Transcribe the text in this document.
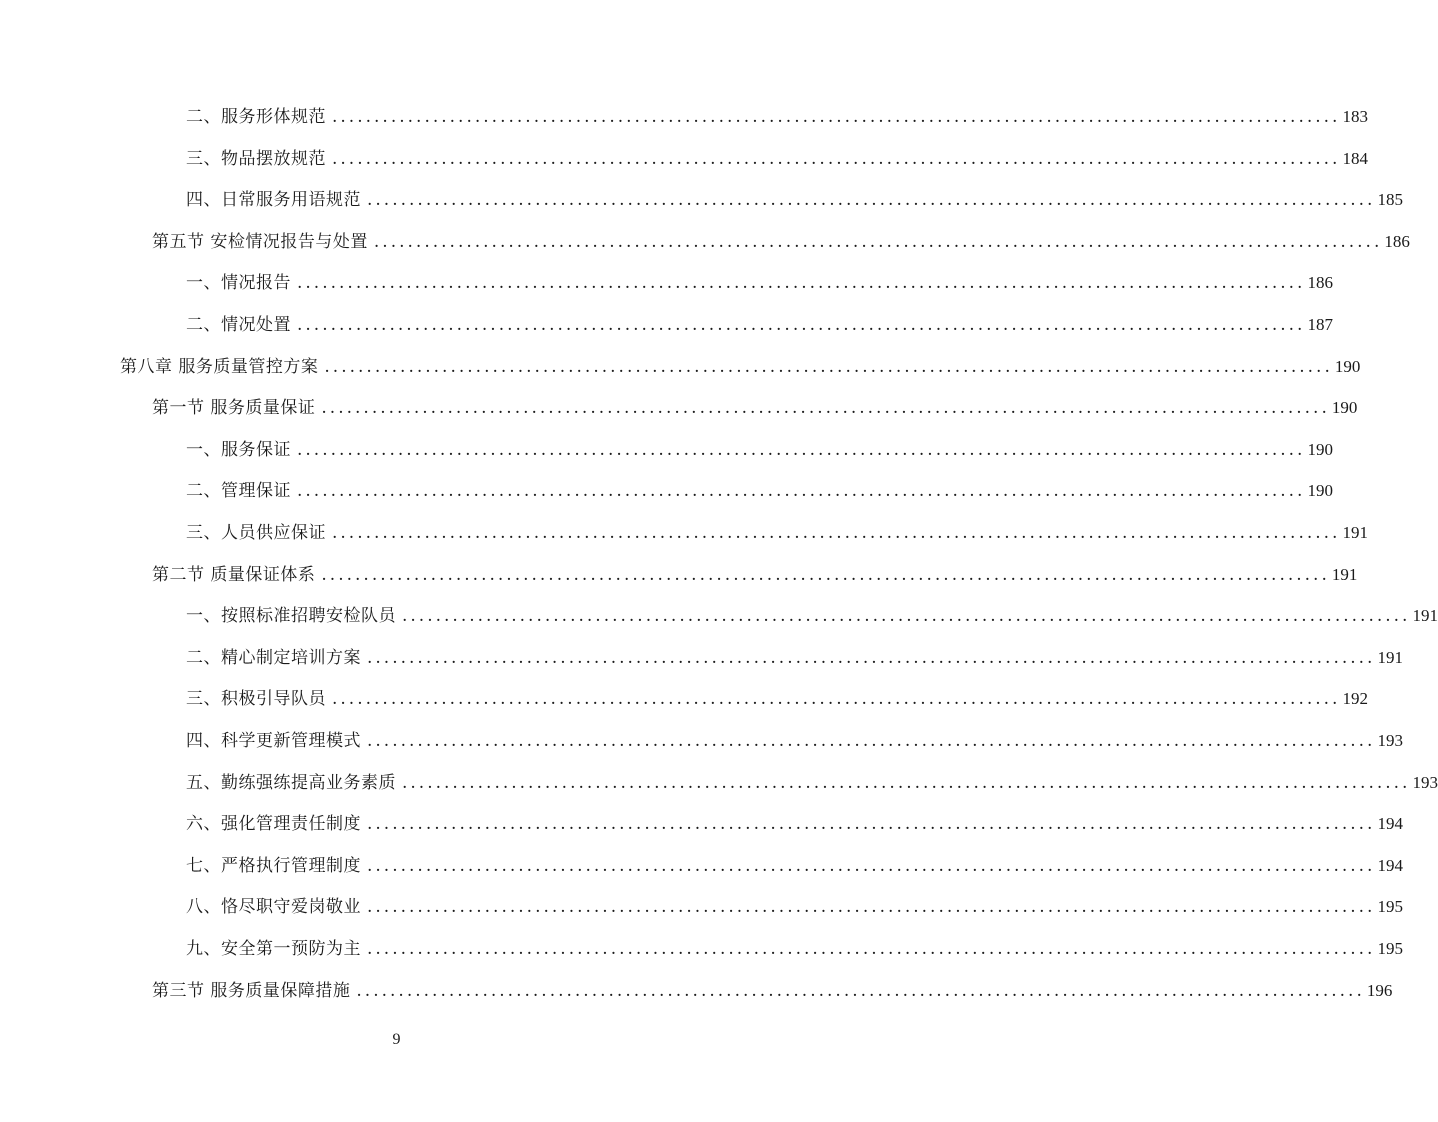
二、服务形体规范 ........................................................................................................................ 183
三、物品摆放规范 ........................................................................................................................ 184
四、日常服务用语规范 ........................................................................................................................ 185
第五节 安检情况报告与处置 ........................................................................................................................ 186
一、情况报告 ........................................................................................................................ 186
二、情况处置 ........................................................................................................................ 187
第八章 服务质量管控方案 ........................................................................................................................ 190
第一节 服务质量保证 ........................................................................................................................ 190
一、服务保证 ........................................................................................................................ 190
二、管理保证 ........................................................................................................................ 190
三、人员供应保证 ........................................................................................................................ 191
第二节 质量保证体系 ........................................................................................................................ 191
一、按照标准招聘安检队员 ........................................................................................................................ 191
二、精心制定培训方案 ........................................................................................................................ 191
三、积极引导队员 ........................................................................................................................ 192
四、科学更新管理模式 ........................................................................................................................ 193
五、勤练强练提高业务素质 ........................................................................................................................ 193
六、强化管理责任制度 ........................................................................................................................ 194
七、严格执行管理制度 ........................................................................................................................ 194
八、恪尽职守爱岗敬业 ........................................................................................................................ 195
九、安全第一预防为主 ........................................................................................................................ 195
第三节 服务质量保障措施 ........................................................................................................................ 196
9
